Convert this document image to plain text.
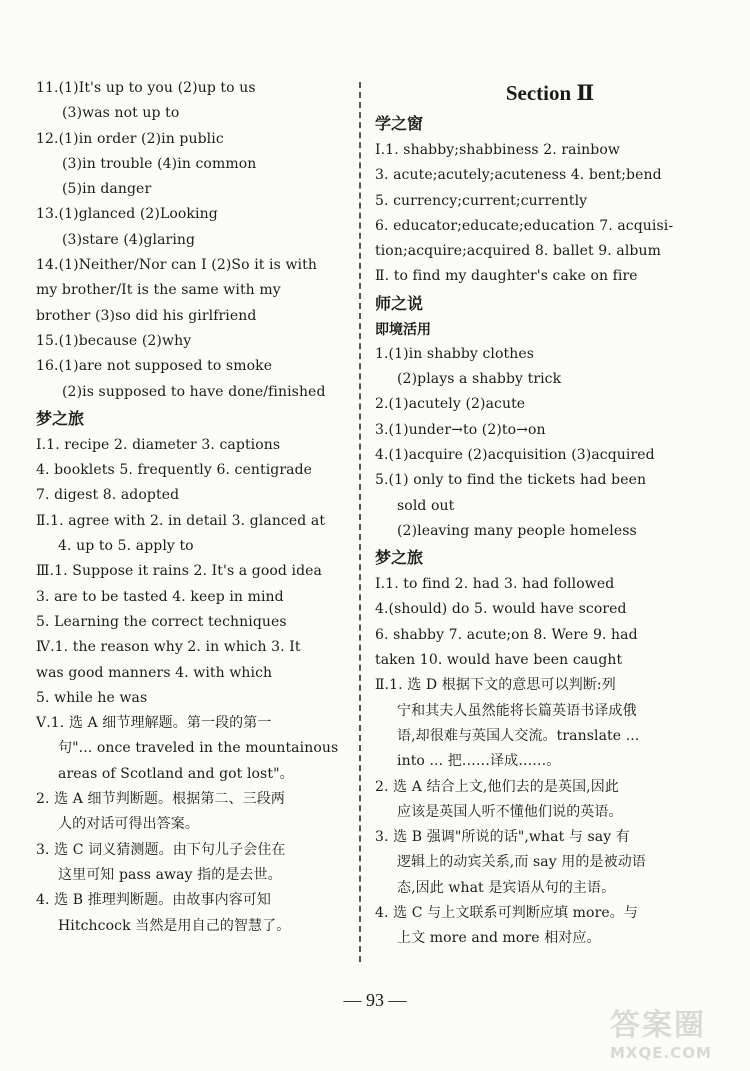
11.(1)It's up to you (2)up to us
(3)was not up to
12.(1)in order (2)in public
(3)in trouble (4)in common
(5)in danger
13.(1)glanced (2)Looking
(3)stare (4)glaring
14.(1)Neither/Nor can I (2)So it is with
my brother/It is the same with my
brother (3)so did his girlfriend
15.(1)because (2)why
16.(1)are not supposed to smoke
(2)is supposed to have done/finished
梦之旅
Ⅰ.1. recipe 2. diameter 3. captions
4. booklets 5. frequently 6. centigrade
7. digest 8. adopted
Ⅱ.1. agree with 2. in detail 3. glanced at
4. up to 5. apply to
Ⅲ.1. Suppose it rains 2. It's a good idea
3. are to be tasted 4. keep in mind
5. Learning the correct techniques
Ⅳ.1. the reason why 2. in which 3. It
was good manners 4. with which
5. while he was
Ⅴ.1. 选 A 细节理解题。第一段的第一
句"... once traveled in the mountainous
areas of Scotland and got lost"。
2. 选 A 细节判断题。根据第二、三段两
人的对话可得出答案。
3. 选 C 词义猜测题。由下句儿子会住在
这里可知 pass away 指的是去世。
4. 选 B 推理判断题。由故事内容可知
Hitchcock 当然是用自己的智慧了。
Section Ⅱ
学之窗
Ⅰ.1. shabby;shabbiness 2. rainbow
3. acute;acutely;acuteness 4. bent;bend
5. currency;current;currently
6. educator;educate;education 7. acquisi-
tion;acquire;acquired 8. ballet 9. album
Ⅱ. to find my daughter's cake on fire
师之说
即境活用
1.(1)in shabby clothes
(2)plays a shabby trick
2.(1)acutely (2)acute
3.(1)under→to (2)to→on
4.(1)acquire (2)acquisition (3)acquired
5.(1) only to find the tickets had been
sold out
(2)leaving many people homeless
梦之旅
Ⅰ.1. to find 2. had 3. had followed
4.(should) do 5. would have scored
6. shabby 7. acute;on 8. Were 9. had
taken 10. would have been caught
Ⅱ.1. 选 D 根据下文的意思可以判断:列
宁和其夫人虽然能将长篇英语书译成俄
语,却很难与英国人交流。translate ...
into ... 把……译成……。
2. 选 A 结合上文,他们去的是英国,因此
应该是英国人听不懂他们说的英语。
3. 选 B 强调"所说的话",what 与 say 有
逻辑上的动宾关系,而 say 用的是被动语
态,因此 what 是宾语从句的主语。
4. 选 C 与上文联系可判断应填 more。与
上文 more and more 相对应。
— 93 —
答案圈
MXQE.COM
